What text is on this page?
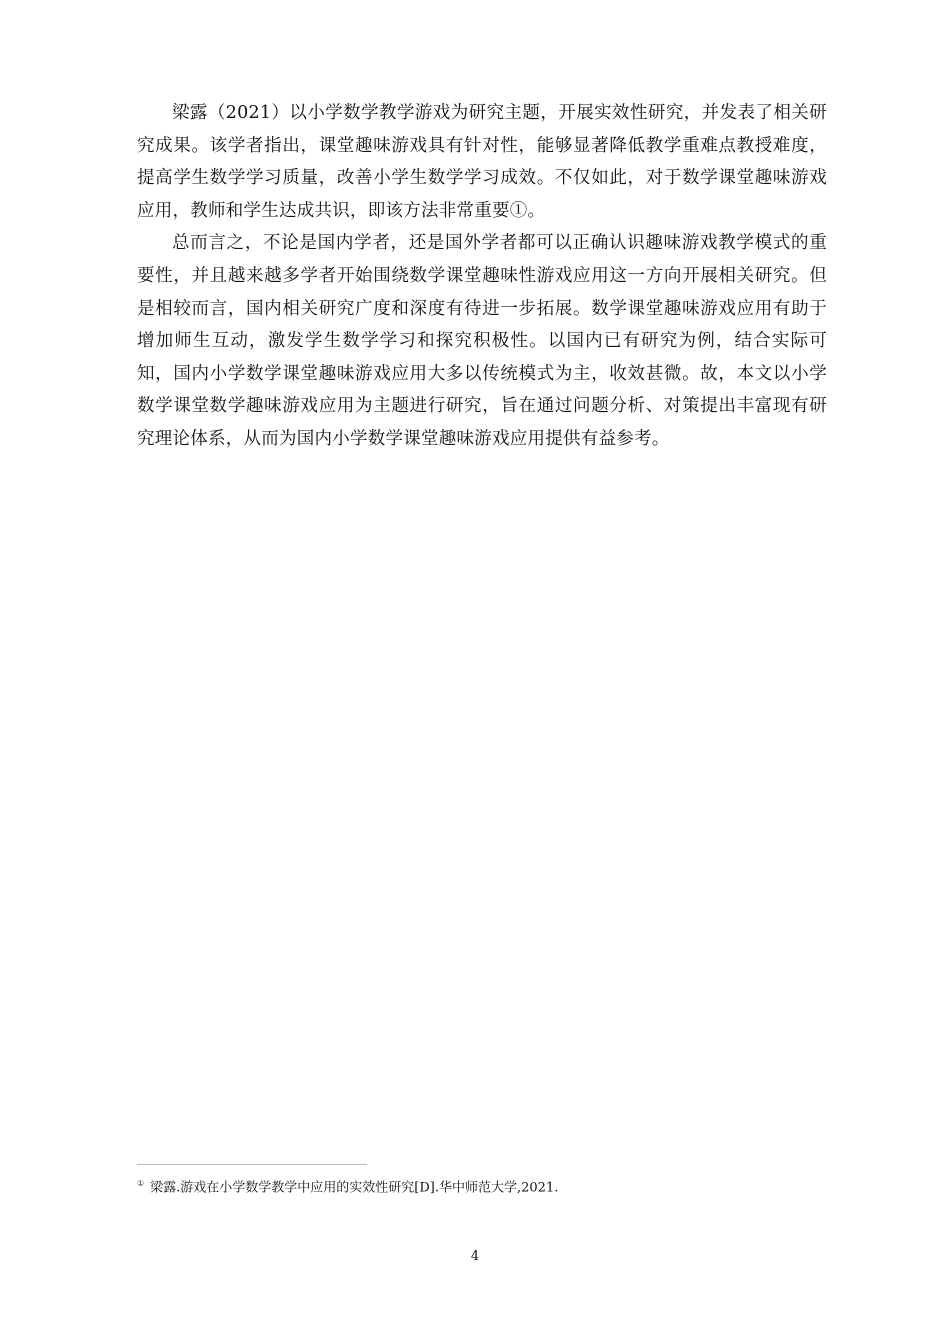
梁露（2021）以小学数学教学游戏为研究主题，开展实效性研究，并发表了相关研究成果。该学者指出，课堂趣味游戏具有针对性，能够显著降低教学重难点教授难度，提高学生数学学习质量，改善小学生数学学习成效。不仅如此，对于数学课堂趣味游戏应用，教师和学生达成共识，即该方法非常重要①。

总而言之，不论是国内学者，还是国外学者都可以正确认识趣味游戏教学模式的重要性，并且越来越多学者开始围绕数学课堂趣味性游戏应用这一方向开展相关研究。但是相较而言，国内相关研究广度和深度有待进一步拓展。数学课堂趣味游戏应用有助于增加师生互动，激发学生数学学习和探究积极性。以国内已有研究为例，结合实际可知，国内小学数学课堂趣味游戏应用大多以传统模式为主，收效甚微。故，本文以小学数学课堂数学趣味游戏应用为主题进行研究，旨在通过问题分析、对策提出丰富现有研究理论体系，从而为国内小学数学课堂趣味游戏应用提供有益参考。

① 梁露.游戏在小学数学教学中应用的实效性研究[D].华中师范大学,2021.
4
